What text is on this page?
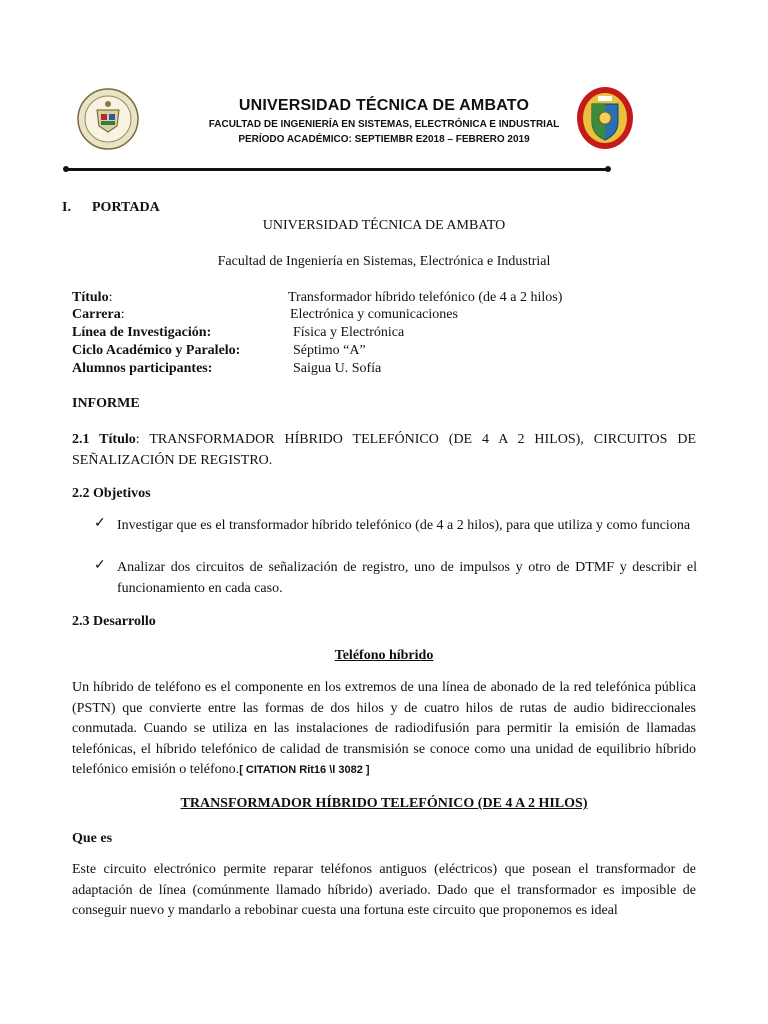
UNIVERSIDAD TÉCNICA DE AMBATO
FACULTAD DE INGENIERÍA EN SISTEMAS, ELECTRÓNICA E INDUSTRIAL
PERÍODO ACADÉMICO: SEPTIEMBR E2018 – FEBRERO 2019
I. PORTADA
UNIVERSIDAD TÉCNICA DE AMBATO
Facultad de Ingeniería en Sistemas, Electrónica e Industrial
Título:	Transformador híbrido telefónico (de 4 a 2 hilos)
Carrera:	Electrónica y comunicaciones
Línea de Investigación:	Física y Electrónica
Ciclo Académico y Paralelo:	Séptimo “A”
Alumnos participantes:	Saigua U. Sofía
INFORME
2.1 Título: TRANSFORMADOR HÍBRIDO TELEFÓNICO (DE 4 A 2 HILOS), CIRCUITOS DE SEÑALIZACIÓN DE REGISTRO.
2.2 Objetivos
✓ Investigar que es el transformador híbrido telefónico (de 4 a 2 hilos), para que utiliza y como funciona
✓ Analizar dos circuitos de señalización de registro, uno de impulsos y otro de DTMF y describir el funcionamiento en cada caso.
2.3 Desarrollo
Teléfono híbrido
Un híbrido de teléfono es el componente en los extremos de una línea de abonado de la red telefónica pública (PSTN) que convierte entre las formas de dos hilos y de cuatro hilos de rutas de audio bidireccionales conmutada. Cuando se utiliza en las instalaciones de radiodifusión para permitir la emisión de llamadas telefónicas, el híbrido telefónico de calidad de transmisión se conoce como una unidad de equilibrio híbrido telefónico emisión o teléfono.[ CITATION Rit16 \l 3082 ]
TRANSFORMADOR HÍBRIDO TELEFÓNICO (DE 4 A 2 HILOS)
Que es
Este circuito electrónico permite reparar teléfonos antiguos (eléctricos) que posean el transformador de adaptación de línea (comúnmente llamado híbrido) averiado. Dado que el transformador es imposible de conseguir nuevo y mandarlo a rebobinar cuesta una fortuna este circuito que proponemos es ideal
